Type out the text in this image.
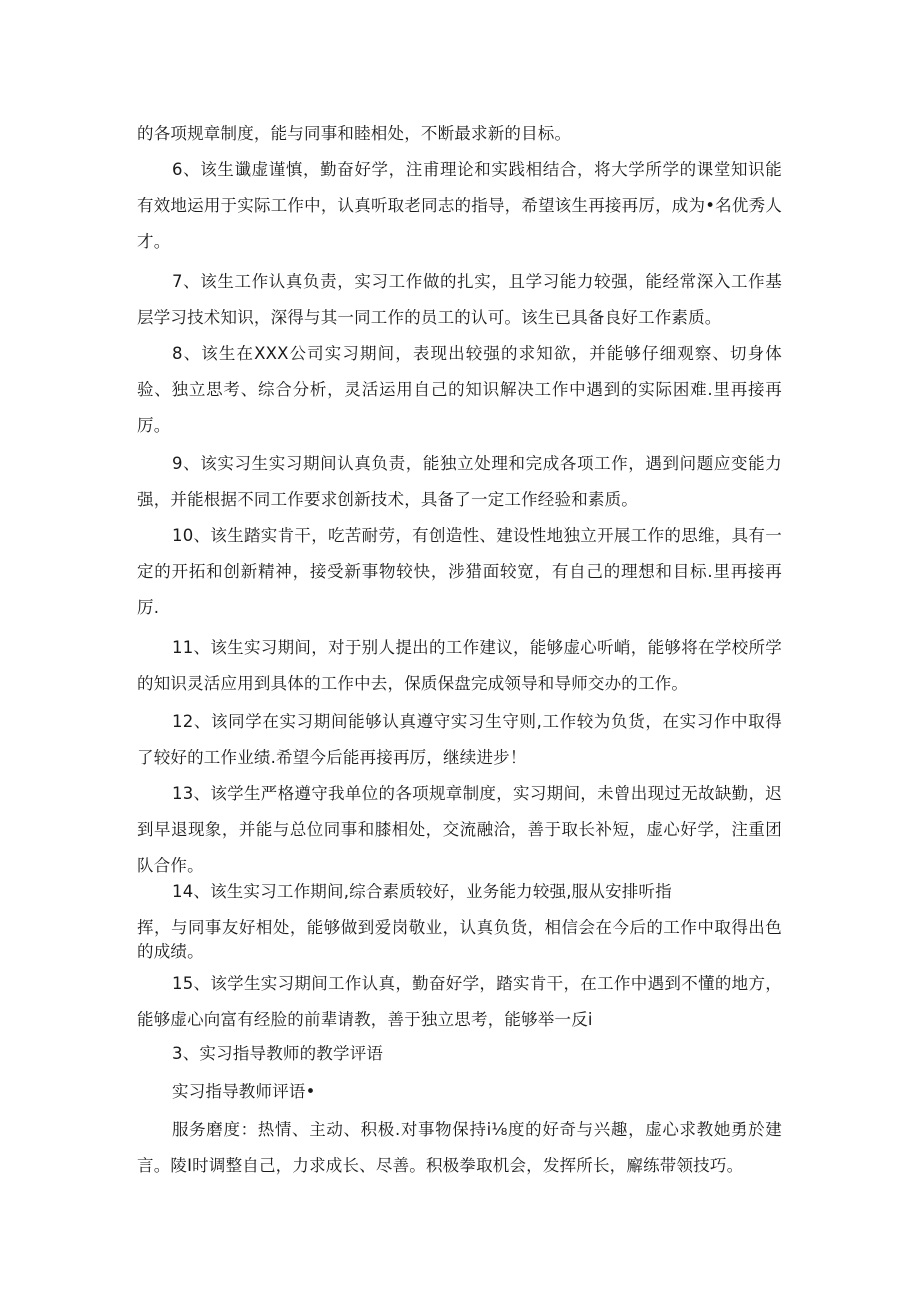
的各项规章制度，能与同事和睦相处，不断最求新的目标。

6、该生谶虚谨慎，勤奋好学，注甫理论和实践相结合，将大学所学的课堂知识能有效地运用于实际工作中，认真听取老同志的指导，希望该生再接再厉，成为•名优秀人才。

7、该生工作认真负责，实习工作做的扎实，且学习能力较强，能经常深入工作基层学习技术知识，深得与其一同工作的员工的认可。该生已具备良好工作素质。

8、该生在XXX公司实习期间，表现出较强的求知欲，并能够仔细观察、切身体验、独立思考、综合分析，灵活运用自己的知识解决工作中遇到的实际困难.里再接再厉。

9、该实习生实习期间认真负责，能独立处理和完成各项工作，遇到问题应变能力强，并能根据不同工作要求创新技术，具备了一定工作经验和素质。

10、该生踏实肯干，吃苦耐劳，有创造性、建设性地独立开展工作的思维，具有一定的开拓和创新精神，接受新事物较快，涉猎面较宽，有自己的理想和目标.里再接再厉.

11、该生实习期间，对于别人提出的工作建议，能够虚心听峭，能够将在学校所学的知识灵活应用到具体的工作中去，保质保盘完成领导和导师交办的工作。

12、该同学在实习期间能够认真遵守实习生守则,工作较为负货，在实习作中取得了较好的工作业绩.希望今后能再接再厉，继续进步！

13、该学生严格遵守我单位的各项规章制度，实习期间，未曾出现过无故缺勤，迟到早退现象，并能与总位同事和膝相处，交流融洽，善于取长补短，虚心好学，注重团队合作。

14、该生实习工作期间,综合素质较好，业务能力较强,服从安排听指

挥，与同事友好相处，能够做到爱岗敬业，认真负货，相信会在今后的工作中取得出色的成绩。

15、该学生实习期间工作认真，勤奋好学，踏实肯干，在工作中遇到不懂的地方，能够虚心向富有经脸的前辈请教，善于独立思考，能够举一反i

3、实习指导教师的教学评语

实习指导教师评语•

服务磨度：热情、主动、积极.对事物保持i⅛度的好奇与兴趣，虚心求教她勇於建言。陵I时调整自己，力求成长、尽善。积极拳取机会，发挥所长，廨练带领技巧。
